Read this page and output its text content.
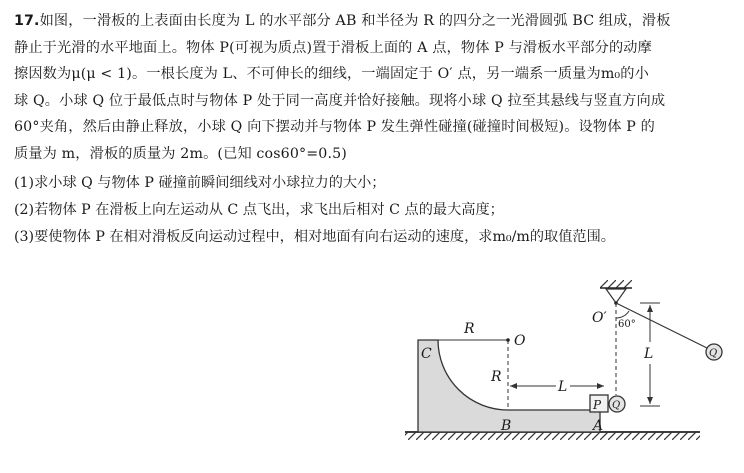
17.如图，一滑板的上表面由长度为 L 的水平部分 AB 和半径为 R 的四分之一光滑圆弧 BC 组成，滑板
静止于光滑的水平地面上。物体 P(可视为质点)置于滑板上面的 A 点，物体 P 与滑板水平部分的动摩
擦因数为μ(μ < 1)。一根长度为 L、不可伸长的细线，一端固定于 O′ 点，另一端系一质量为m₀的小
球 Q。小球 Q 位于最低点时与物体 P 处于同一高度并恰好接触。现将小球 Q 拉至其悬线与竖直方向成
60°夹角，然后由静止释放，小球 Q 向下摆动并与物体 P 发生弹性碰撞(碰撞时间极短)。设物体 P 的
质量为 m，滑板的质量为 2m。(已知 cos60°=0.5)
(1)求小球 Q 与物体 P 碰撞前瞬间细线对小球拉力的大小；
(2)若物体 P 在滑板上向左运动从 C 点飞出，求飞出后相对 C 点的最大高度；
(3)要使物体 P 在相对滑板反向运动过程中，相对地面有向右运动的速度，求m₀/m的取值范围。
C
R
O
R
L
P Q
B	A
O′ 60°
L	Q
